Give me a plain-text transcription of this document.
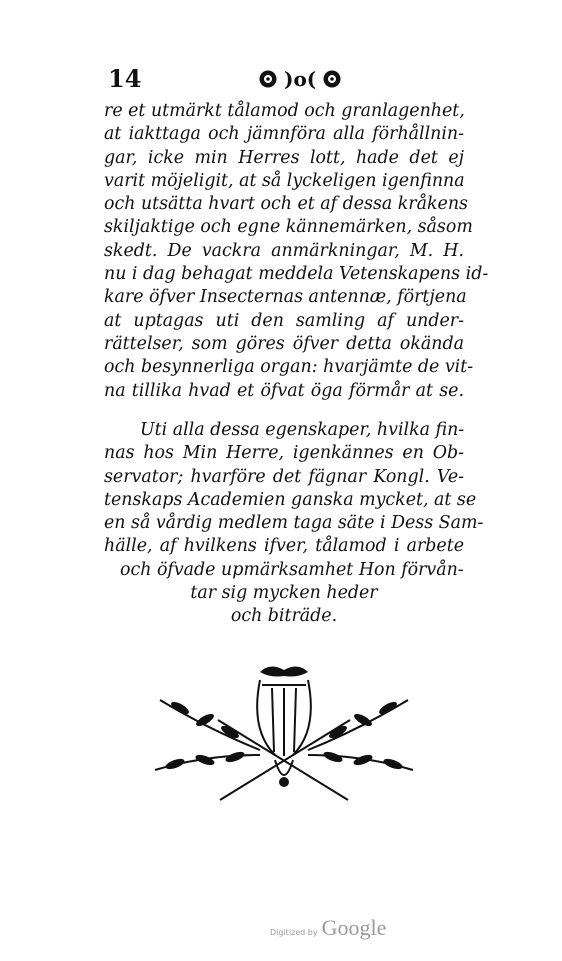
14	)o(
re et utmärkt tålamod och granlagenhet,
at iakttaga och jämnföra alla förhållnin-
gar, icke min Herres lott, hade det ej
varit möjeligit, at så lyckeligen igenfinna
och utsätta hvart och et af dessa kråkens
skiljaktige och egne kännemärken, såsom
skedt. De vackra anmärkningar, M. H.
nu i dag behagat meddela Vetenskapens id-
kare öfver Insecternas antennæ, förtjena
at uptagas uti den samling af under-
rättelser, som göres öfver detta okända
och besynnerliga organ: hvarjämte de vit-
na tillika hvad et öfvat öga förmår at se.
Uti alla dessa egenskaper, hvilka fin-
nas hos Min Herre, igenkännes en Ob-
servator; hvarföre det fägnar Kongl. Ve-
tenskaps Academien ganska mycket, at se
en så vårdig medlem taga säte i Dess Sam-
hälle, af hvilkens ifver, tålamod i arbete
och öfvade upmärksamhet Hon förvån-
tar sig mycken heder
och biträde.
Digitized by Google
